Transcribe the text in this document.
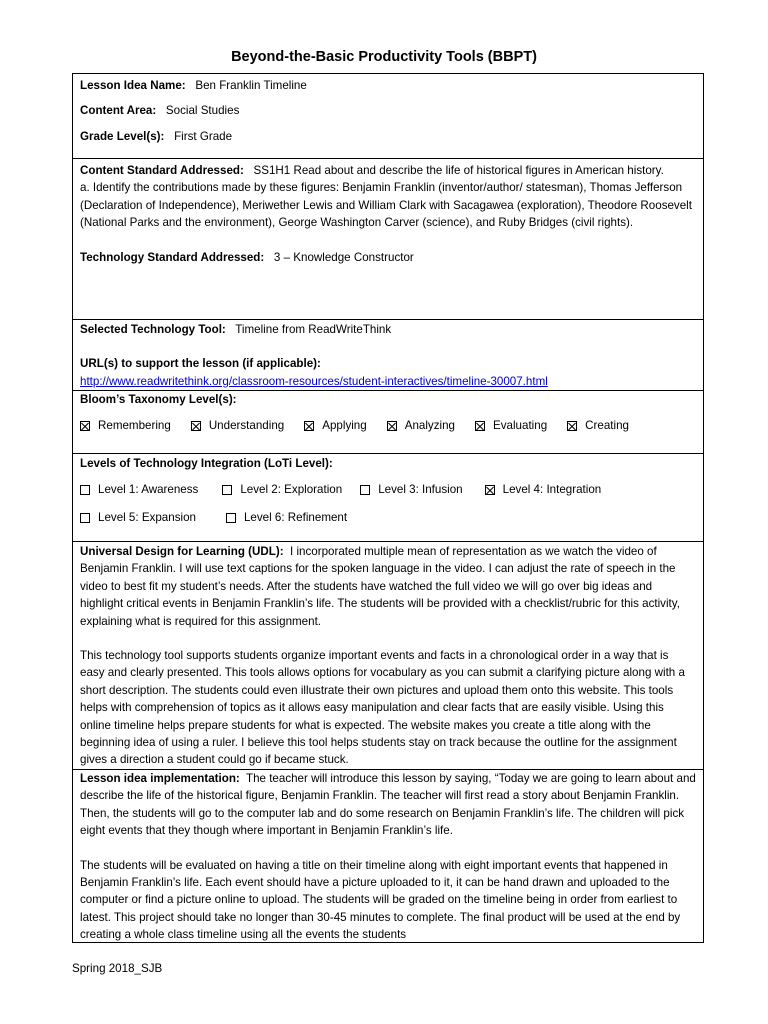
Beyond-the-Basic Productivity Tools (BBPT)

Lesson Idea Name: Ben Franklin Timeline

Content Area: Social Studies

Grade Level(s): First Grade

Content Standard Addressed: SS1H1 Read about and describe the life of historical figures in American history.

a. Identify the contributions made by these figures: Benjamin Franklin (inventor/author/ statesman), Thomas Jefferson (Declaration of Independence), Meriwether Lewis and William Clark with Sacagawea (exploration), Theodore Roosevelt (National Parks and the environment), George Washington Carver (science), and Ruby Bridges (civil rights).

Technology Standard Addressed: 3 – Knowledge Constructor

Selected Technology Tool: Timeline from ReadWriteThink

URL(s) to support the lesson (if applicable):

http://www.readwritethink.org/classroom-resources/student-interactives/timeline-30007.html

Bloom’s Taxonomy Level(s):

Remembering	Understanding	Applying	Analyzing	Evaluating	Creating

Levels of Technology Integration (LoTi Level):

Level 1: Awareness	Level 2: Exploration	Level 3: Infusion	Level 4: Integration
Level 5: Expansion	Level 6: Refinement

Universal Design for Learning (UDL): I incorporated multiple mean of representation as we watch the video of Benjamin Franklin. I will use text captions for the spoken language in the video. I can adjust the rate of speech in the video to best fit my student’s needs. After the students have watched the full video we will go over big ideas and highlight critical events in Benjamin Franklin’s life. The students will be provided with a checklist/rubric for this activity, explaining what is required for this assignment.

This technology tool supports students organize important events and facts in a chronological order in a way that is easy and clearly presented. This tools allows options for vocabulary as you can submit a clarifying picture along with a short description. The students could even illustrate their own pictures and upload them onto this website. This tools helps with comprehension of topics as it allows easy manipulation and clear facts that are easily visible. Using this online timeline helps prepare students for what is expected. The website makes you create a title along with the beginning idea of using a ruler. I believe this tool helps students stay on track because the outline for the assignment gives a direction a student could go if became stuck.

Lesson idea implementation: The teacher will introduce this lesson by saying, “Today we are going to learn about and describe the life of the historical figure, Benjamin Franklin. The teacher will first read a story about Benjamin Franklin. Then, the students will go to the computer lab and do some research on Benjamin Franklin’s life. The children will pick eight events that they though where important in Benjamin Franklin’s life.

The students will be evaluated on having a title on their timeline along with eight important events that happened in Benjamin Franklin’s life. Each event should have a picture uploaded to it, it can be hand drawn and uploaded to the computer or find a picture online to upload. The students will be graded on the timeline being in order from earliest to latest. This project should take no longer than 30-45 minutes to complete. The final product will be used at the end by creating a whole class timeline using all the events the students

Spring 2018_SJB
